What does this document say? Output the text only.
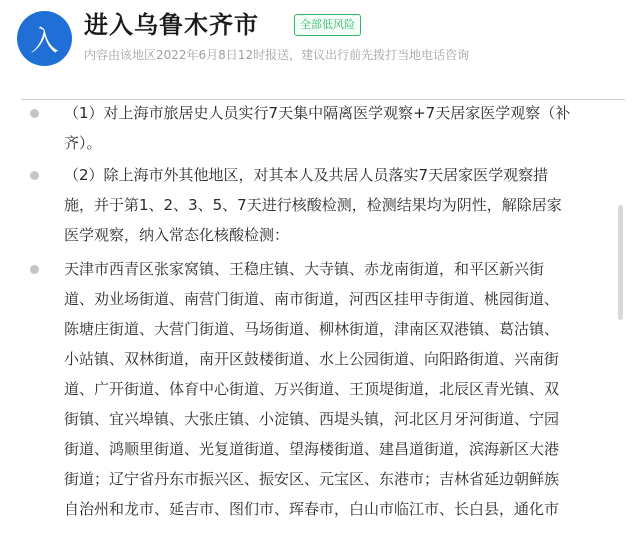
入	进入乌鲁木齐市	全部低风险
内容由该地区2022年6月8日12时报送，建议出行前先拨打当地电话咨询
（1）对上海市旅居史人员实行7天集中隔离医学观察+7天居家医学观察（补
齐）。
（2）除上海市外其他地区，对其本人及共居人员落实7天居家医学观察措
施，并于第1、2、3、5、7天进行核酸检测，检测结果均为阴性，解除居家
医学观察，纳入常态化核酸检测：
天津市西青区张家窝镇、王稳庄镇、大寺镇、赤龙南街道，和平区新兴街
道、劝业场街道、南营门街道、南市街道，河西区挂甲寺街道、桃园街道、
陈塘庄街道、大营门街道、马场街道、柳林街道，津南区双港镇、葛沽镇、
小站镇、双林街道，南开区鼓楼街道、水上公园街道、向阳路街道、兴南街
道、广开街道、体育中心街道、万兴街道、王顶堤街道，北辰区青光镇、双
街镇、宜兴埠镇、大张庄镇、小淀镇、西堤头镇，河北区月牙河街道、宁园
街道、鸿顺里街道、光复道街道、望海楼街道、建昌道街道，滨海新区大港
街道；辽宁省丹东市振兴区、振安区、元宝区、东港市；吉林省延边朝鲜族
自治州和龙市、延吉市、图们市、珲春市，白山市临江市、长白县，通化市
